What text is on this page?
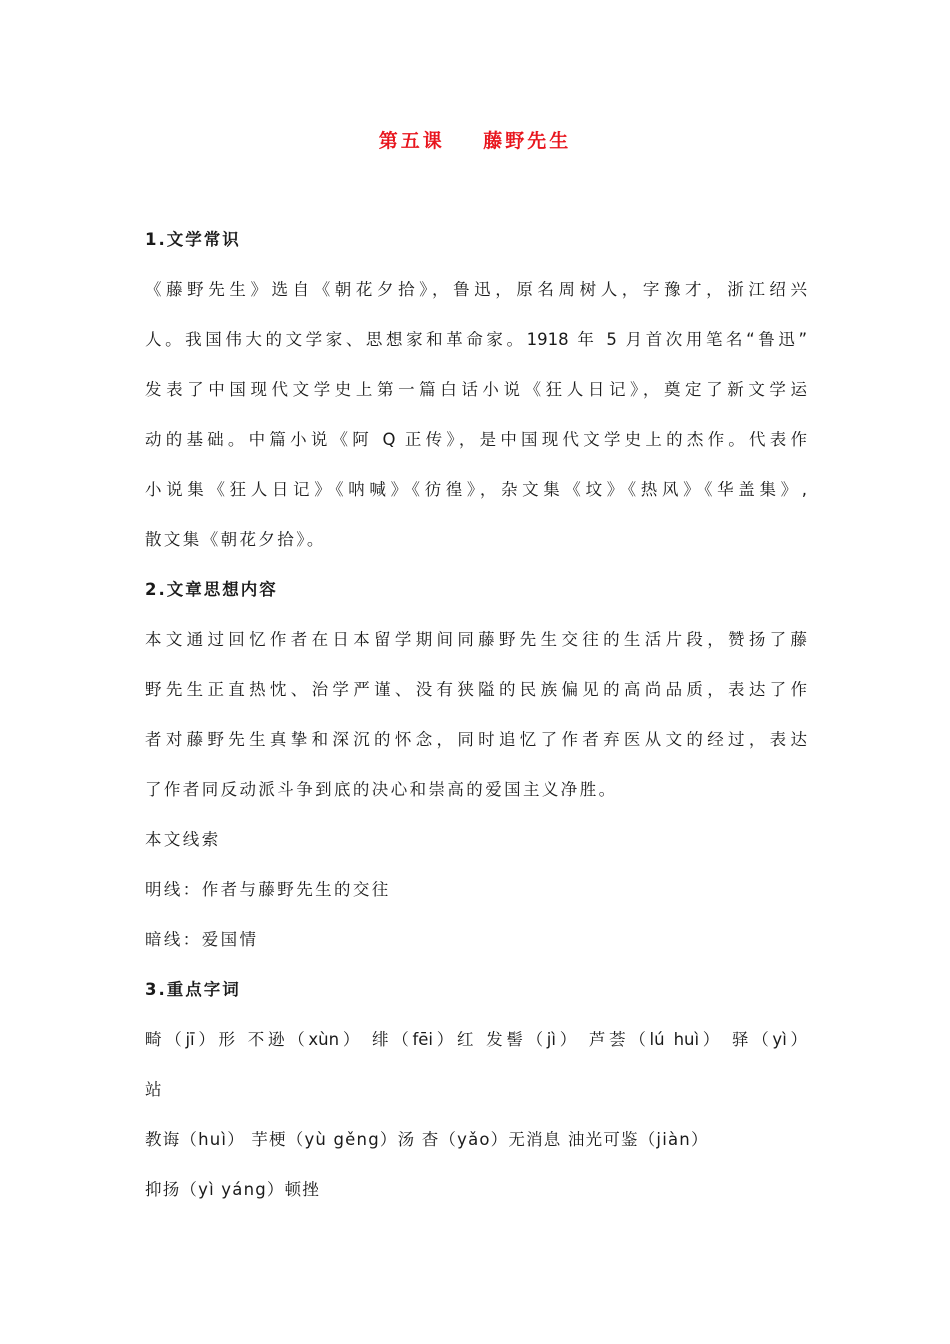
第五课    藤野先生
1.文学常识
《藤野先生》选自《朝花夕拾》，鲁迅，原名周树人，字豫才，浙江绍兴
人。我国伟大的文学家、思想家和革命家。1918 年 5 月首次用笔名“鲁迅”
发表了中国现代文学史上第一篇白话小说《狂人日记》，奠定了新文学运
动的基础。中篇小说《阿 Q 正传》，是中国现代文学史上的杰作。代表作
小说集《狂人日记》《呐喊》《彷徨》，杂文集《坟》《热风》《华盖集》,
散文集《朝花夕拾》。
2.文章思想内容
本文通过回忆作者在日本留学期间同藤野先生交往的生活片段，赞扬了藤
野先生正直热忱、治学严谨、没有狭隘的民族偏见的高尚品质，表达了作
者对藤野先生真挚和深沉的怀念，同时追忆了作者弃医从文的经过，表达
了作者同反动派斗争到底的决心和崇高的爱国主义净胜。
本文线索
明线：作者与藤野先生的交往
暗线：爱国情
3.重点字词
畸（jī）形 不逊（xùn） 绯（fēi）红 发髻（jì） 芦荟（lú huì） 驿（yì）
站
教诲（huì） 芋梗（yù gěng）汤 杳（yǎo）无消息 油光可鉴（jiàn）
抑扬（yì yáng）顿挫
